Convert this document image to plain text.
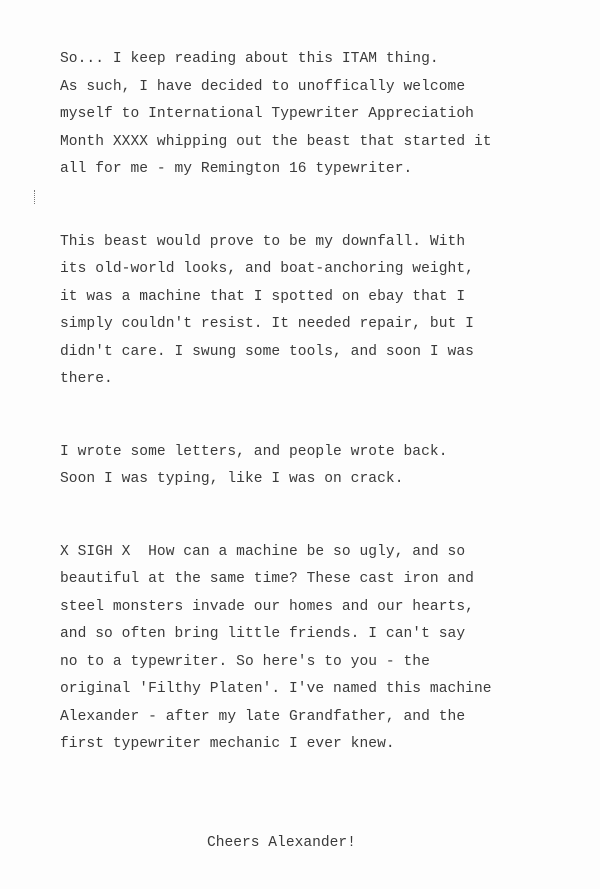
So... I keep reading about this ITAM thing.
As such, I have decided to unoffically welcome
myself to International Typewriter Appreciatioh
Month XXXX whipping out the beast that started it
all for me - my Remington 16 typewriter.
This beast would prove to be my downfall. With
its old-world looks, and boat-anchoring weight,
it was a machine that I spotted on ebay that I
simply couldn't resist. It needed repair, but I
didn't care. I swung some tools, and soon I was
there.
I wrote some letters, and people wrote back.
Soon I was typing, like I was on crack.
X SIGH X  How can a machine be so ugly, and so
beautiful at the same time? These cast iron and
steel monsters invade our homes and our hearts,
and so often bring little friends. I can't say
no to a typewriter. So here's to you - the
original 'Filthy Platen'. I've named this machine
Alexander - after my late Grandfather, and the
first typewriter mechanic I ever knew.
Cheers Alexander!
